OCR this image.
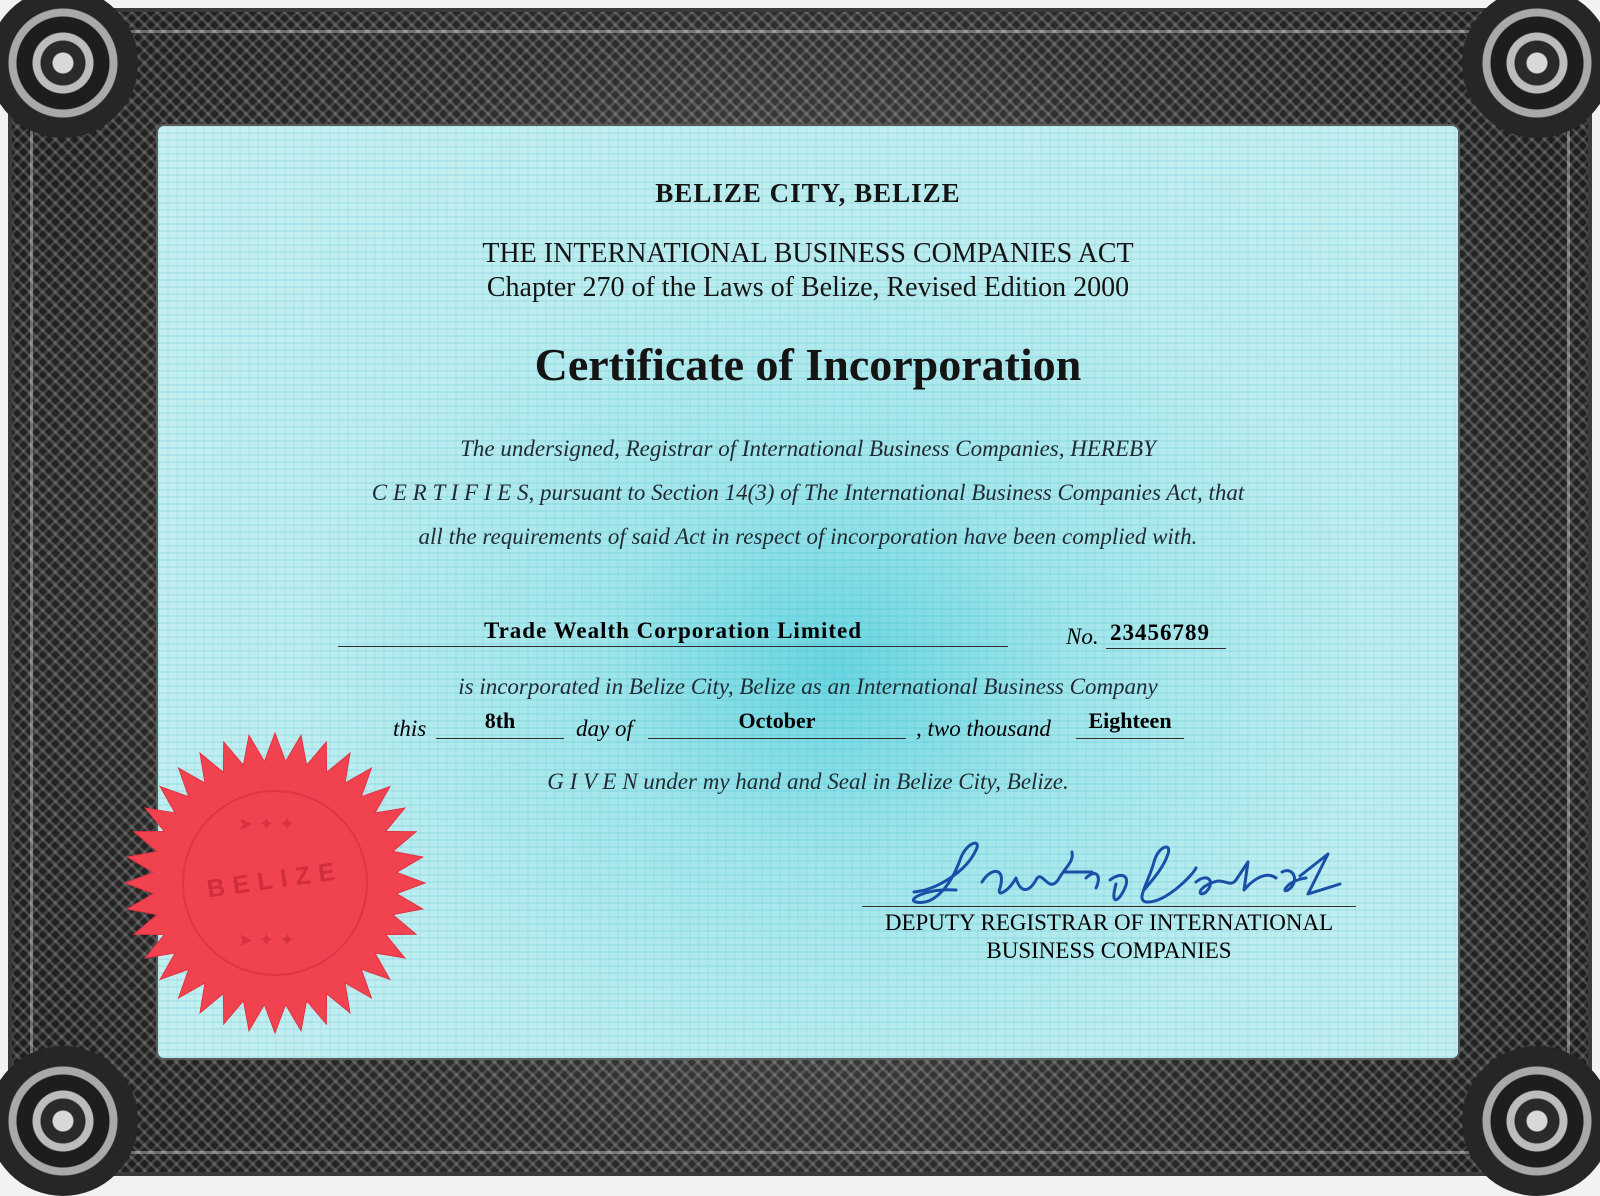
BELIZE CITY, BELIZE
THE INTERNATIONAL BUSINESS COMPANIES ACT
Chapter 270 of the Laws of Belize, Revised Edition 2000
Certificate of Incorporation
The undersigned, Registrar of International Business Companies, HEREBY
C E R T I F I E S, pursuant to Section 14(3) of The International Business Companies Act, that
all the requirements of said Act in respect of incorporation have been complied with.
Trade Wealth Corporation Limited	No. 23456789
is incorporated in Belize City, Belize as an International Business Company
this	8th	day of	October	, two thousand	Eighteen
G I V E N under my hand and Seal in Belize City, Belize.
DEPUTY REGISTRAR OF INTERNATIONAL
BUSINESS COMPANIES
➤ ✦ ✦
➤ ✦ ✦
BELIZE
